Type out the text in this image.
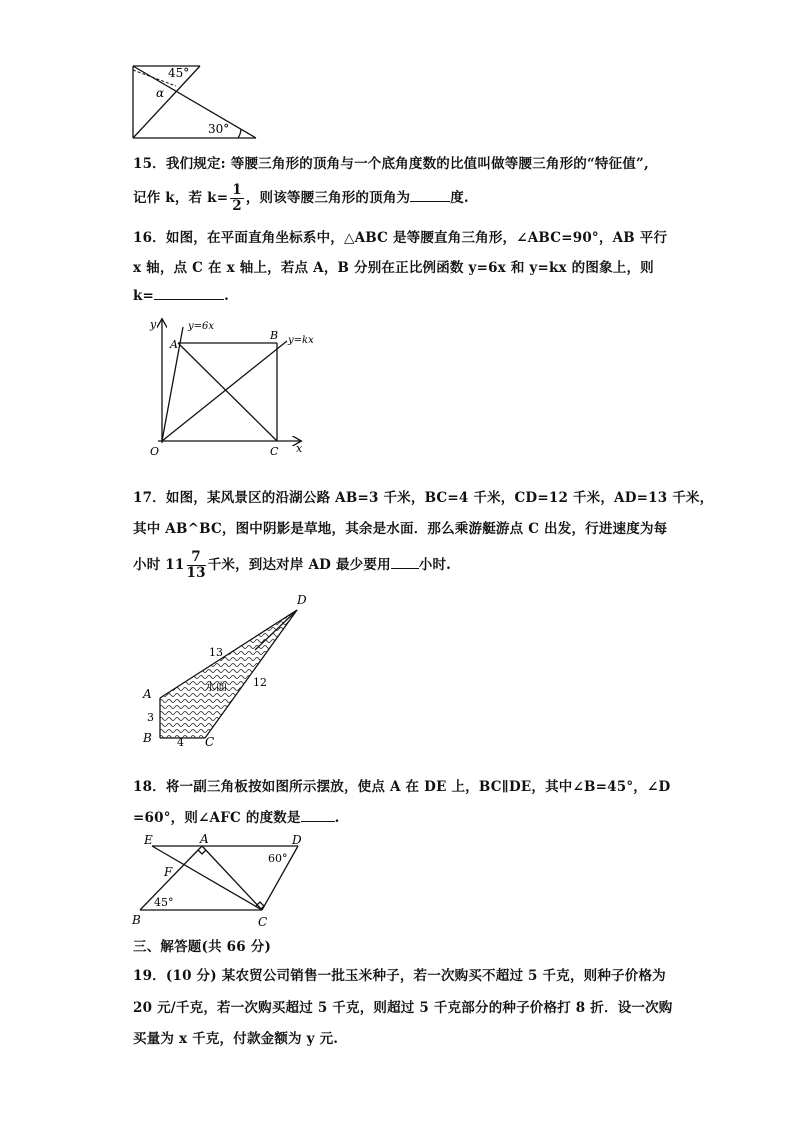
45°
α
30°
15．我们规定: 等腰三角形的顶角与一个底角度数的比值叫做等腰三角形的“特征值”,
记作 k，若 $k= \frac{1}{2}$ ，则该等腰三角形的顶角为	度.
16．如图，在平面直角坐标系中，△ABC 是等腰直角三角形，∠ABC=90°，AB 平行
x 轴，点 C 在 x 轴上，若点 A，B 分别在正比例函数 y=6x 和 y=kx 的图象上，则
k=	.
y
x
O
A
B
C
y=6x
y=kx
17．如图，某风景区的沿湖公路 AB=3 千米，BC=4 千米，CD=12 千米，AD=13 千米，
其中 AB^BC，图中阴影是草地，其余是水面．那么乘游艇游点 C 出发，行进速度为每
小时 $11 \frac{7}{13}$ 千米，到达对岸 AD 最少要用 小时.
A
B	C
D
3
4
12
13
水面
18．将一副三角板按如图所示摆放，使点 A 在 DE 上，BC∥DE，其中∠B=45°，∠D
=60°，则∠AFC 的度数是	.
E	A	D
F
B	C
60°
45°
三、解答题(共 66 分)
19．(10 分) 某农贸公司销售一批玉米种子，若一次购买不超过 5 千克，则种子价格为
20 元/千克，若一次购买超过 5 千克，则超过 5 千克部分的种子价格打 8 折．设一次购
买量为 x 千克，付款金额为 y 元.
